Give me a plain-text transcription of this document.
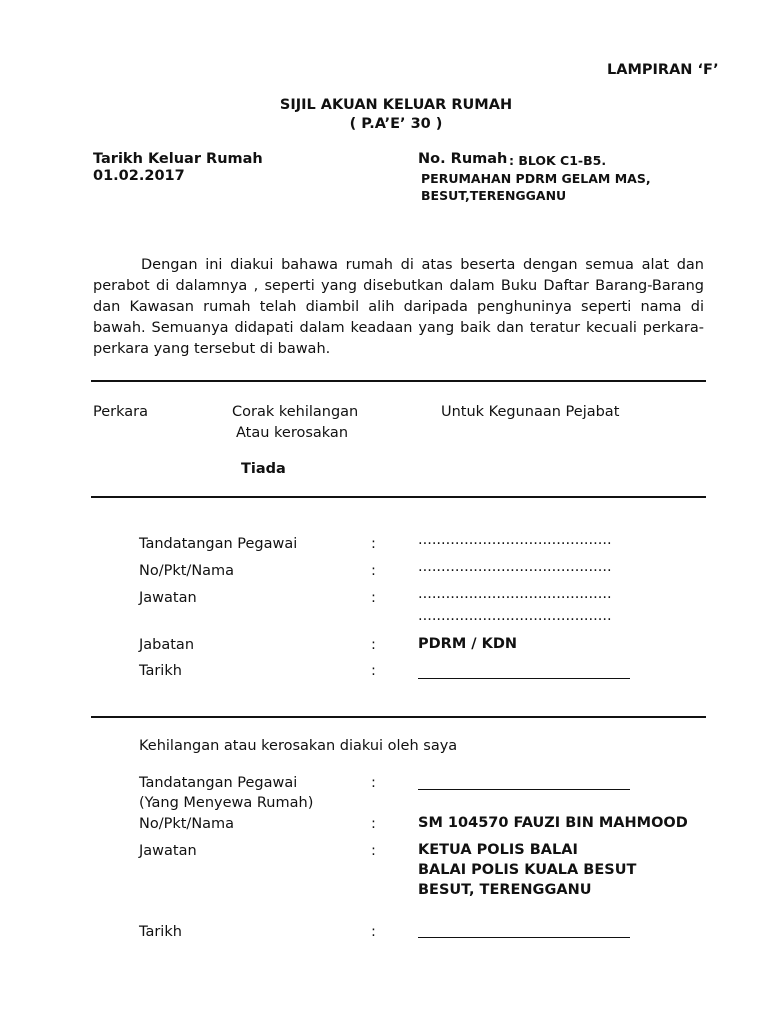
LAMPIRAN ‘F’
SIJIL AKUAN KELUAR RUMAH
( P.A’E’ 30 )
Tarikh Keluar Rumah
01.02.2017
No. Rumah : BLOK C1-B5.
PERUMAHAN PDRM GELAM MAS,
BESUT,TERENGGANU
Dengan ini diakui bahawa rumah di atas beserta dengan semua alat dan perabot di dalamnya , seperti yang disebutkan dalam Buku Daftar Barang-Barang dan Kawasan rumah telah diambil alih daripada penghuninya seperti nama di bawah. Semuanya didapati dalam keadaan yang baik dan teratur kecuali perkara-perkara yang tersebut di bawah.
Perkara	Corak kehilangan
Atau kerosakan
Untuk Kegunaan Pejabat
Tiada
Tandatangan Pegawai	:	..........................................
No/Pkt/Nama	:	..........................................
Jawatan	:	..........................................
..........................................
Jabatan	:	PDRM / KDN
Tarikh	:
Kehilangan atau kerosakan diakui oleh saya
Tandatangan Pegawai	:
(Yang Menyewa Rumah)
No/Pkt/Nama	:	SM 104570 FAUZI BIN MAHMOOD
Jawatan	:	KETUA POLIS BALAI
BALAI POLIS KUALA BESUT
BESUT, TERENGGANU
Tarikh	:
